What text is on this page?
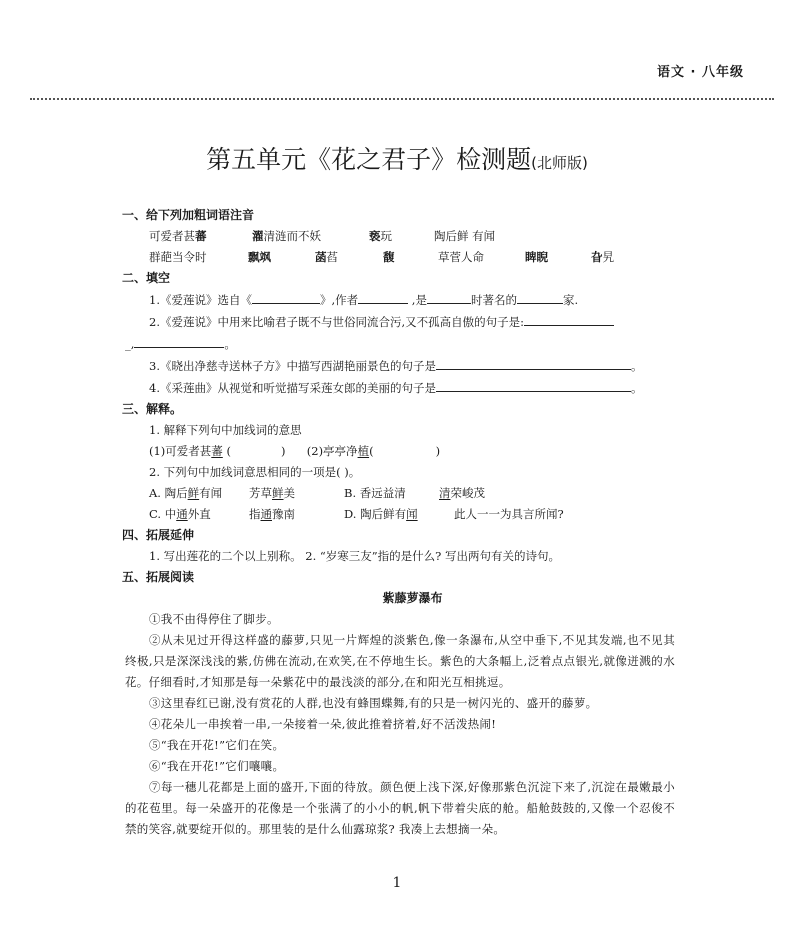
语文 · 八年级
第五单元《花之君子》检测题(北师版)
一、给下列加粗词语注音
可爱者甚蕃	濯清涟而不妖	亵玩	陶后鲜 有闻
群葩当令时	飘飒	菡萏	馥	草菅人命	睥睨	旮旯
二、填空
1.《爱莲说》选自《	》,作者	,是	时著名的	家.
2.《爱莲说》中用来比喻君子既不与世俗同流合污,又不孤高自傲的句子是:
_,	。
3.《晓出净慈寺送林子方》中描写西湖艳丽景色的句子是	。
4.《采莲曲》从视觉和听觉描写采莲女郎的美丽的句子是	。
三、解释。
1. 解释下列句中加线词的意思
(1)可爱者甚蕃 (	) (2)亭亭净植(	)
2. 下列句中加线词意思相同的一项是( )。
A. 陶后鲜有闻	芳草鲜美	B. 香远益清	清荣峻茂
C. 中通外直	指通豫南	D. 陶后鲜有闻	此人一一为具言所闻?
四、拓展延伸
1. 写出莲花的二个以上别称。 2. “岁寒三友”指的是什么? 写出两句有关的诗句。
五、拓展阅读
紫藤萝瀑布
①我不由得停住了脚步。
②从未见过开得这样盛的藤萝,只见一片辉煌的淡紫色,像一条瀑布,从空中垂下,不见其发端,也不见其终极,只是深深浅浅的紫,仿佛在流动,在欢笑,在不停地生长。紫色的大条幅上,泛着点点银光,就像迸溅的水花。仔细看时,才知那是每一朵紫花中的最浅淡的部分,在和阳光互相挑逗。
③这里春红已谢,没有赏花的人群,也没有蜂围蝶舞,有的只是一树闪光的、盛开的藤萝。
④花朵儿一串挨着一串,一朵接着一朵,彼此推着挤着,好不活泼热闹!
⑤“我在开花!”它们在笑。
⑥“我在开花!”它们嚷嚷。
⑦每一穗儿花都是上面的盛开,下面的待放。颜色便上浅下深,好像那紫色沉淀下来了,沉淀在最嫩最小的花苞里。每一朵盛开的花像是一个张满了的小小的帆,帆下带着尖底的舱。船舱鼓鼓的,又像一个忍俊不禁的笑容,就要绽开似的。那里装的是什么仙露琼浆? 我凑上去想摘一朵。
1
